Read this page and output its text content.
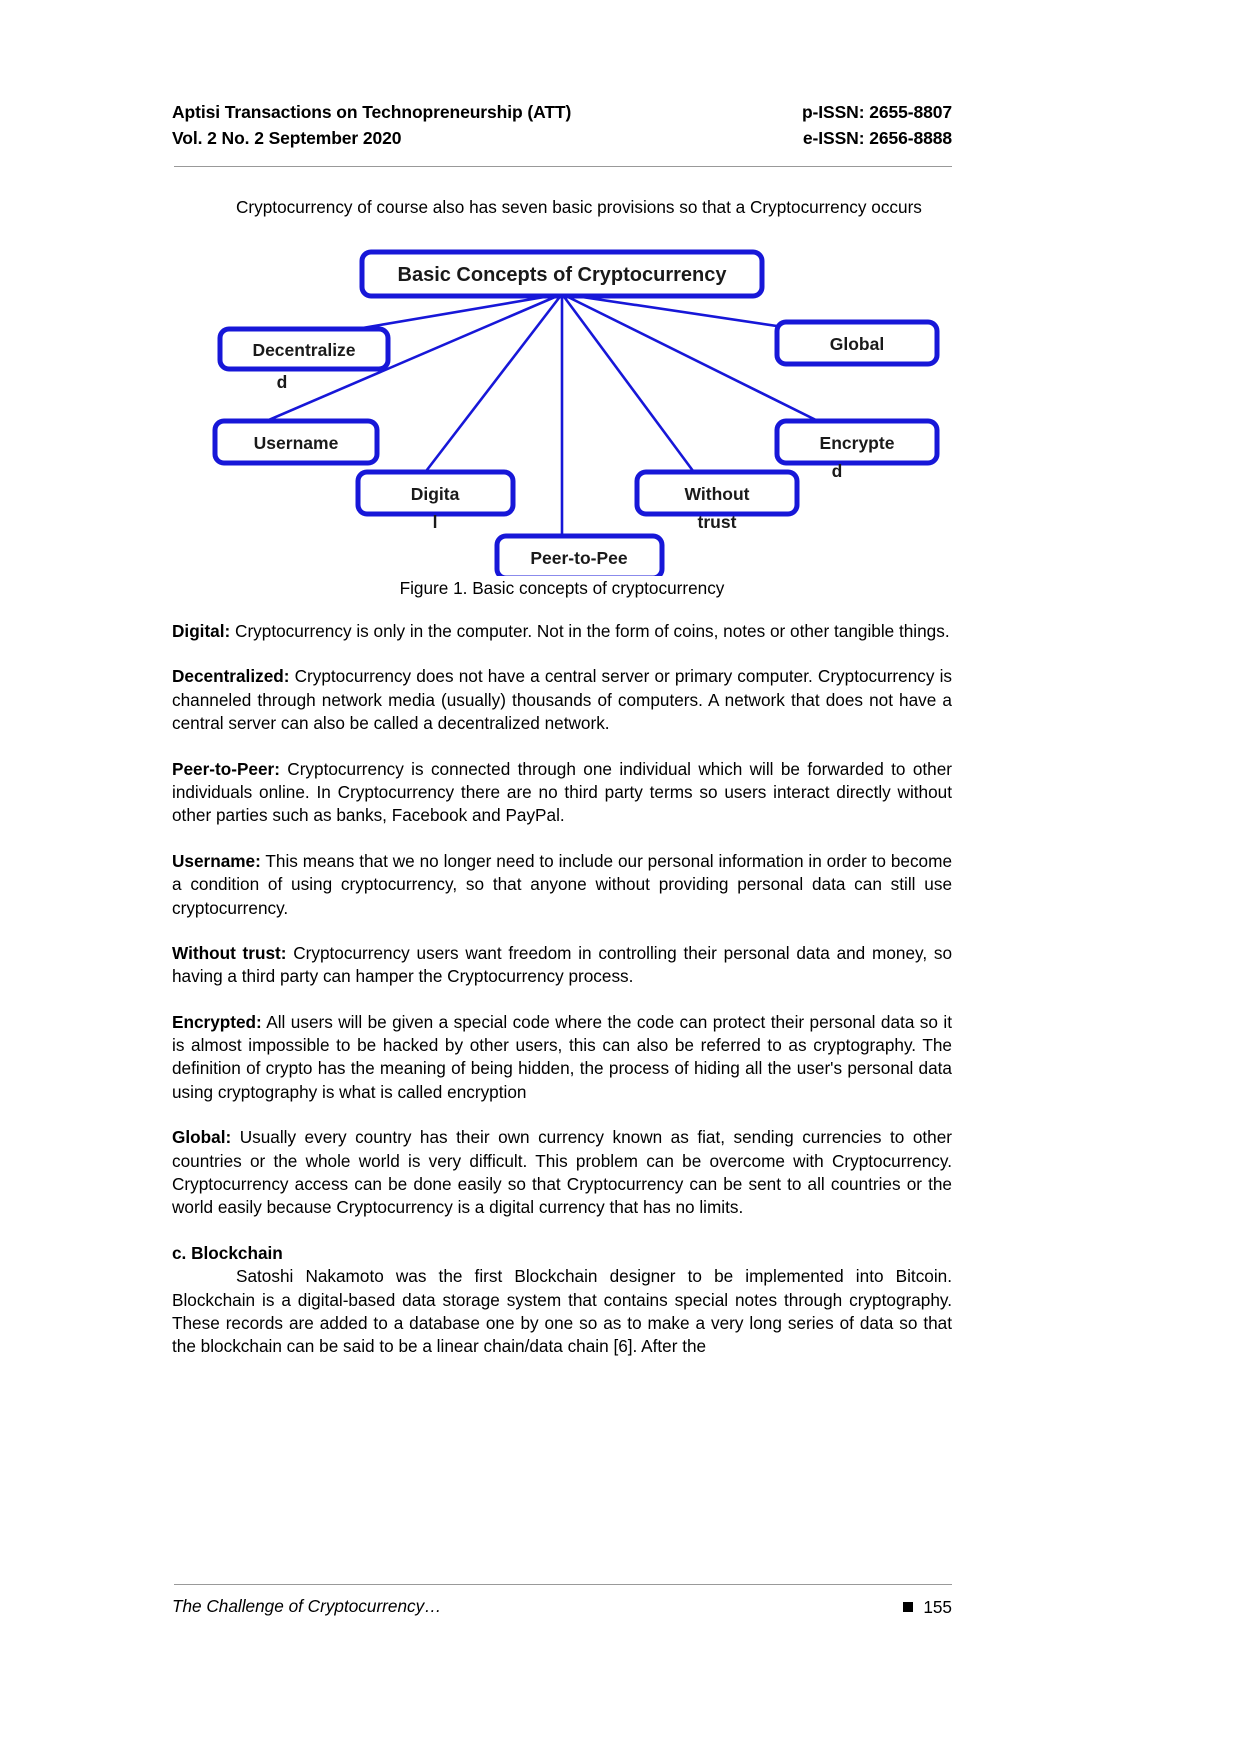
Aptisi Transactions on Technopreneurship (ATT)
Vol. 2 No. 2 September 2020
p-ISSN: 2655-8807
e-ISSN: 2656-8888
Cryptocurrency of course also has seven basic provisions so that a Cryptocurrency occurs
Basic Concepts of Cryptocurrency
Decentralize
d
Username
Digita
l
Peer-to-Pee
Without
trust
Encrypte
d
Global
Figure 1. Basic concepts of cryptocurrency

Digital: Cryptocurrency is only in the computer. Not in the form of coins, notes or other tangible things.

Decentralized: Cryptocurrency does not have a central server or primary computer. Cryptocurrency is channeled through network media (usually) thousands of computers. A network that does not have a central server can also be called a decentralized network.

Peer-to-Peer: Cryptocurrency is connected through one individual which will be forwarded to other individuals online. In Cryptocurrency there are no third party terms so users interact directly without other parties such as banks, Facebook and PayPal.

Username: This means that we no longer need to include our personal information in order to become a condition of using cryptocurrency, so that anyone without providing personal data can still use cryptocurrency.

Without trust: Cryptocurrency users want freedom in controlling their personal data and money, so having a third party can hamper the Cryptocurrency process.

Encrypted: All users will be given a special code where the code can protect their personal data so it is almost impossible to be hacked by other users, this can also be referred to as cryptography. The definition of crypto has the meaning of being hidden, the process of hiding all the user's personal data using cryptography is what is called encryption

Global: Usually every country has their own currency known as fiat, sending currencies to other countries or the whole world is very difficult. This problem can be overcome with Cryptocurrency. Cryptocurrency access can be done easily so that Cryptocurrency can be sent to all countries or the world easily because Cryptocurrency is a digital currency that has no limits.

c. Blockchain

Satoshi Nakamoto was the first Blockchain designer to be implemented into Bitcoin. Blockchain is a digital-based data storage system that contains special notes through cryptography. These records are added to a database one by one so as to make a very long series of data so that the blockchain can be said to be a linear chain/data chain [6]. After the

The Challenge of Cryptocurrency…	155
